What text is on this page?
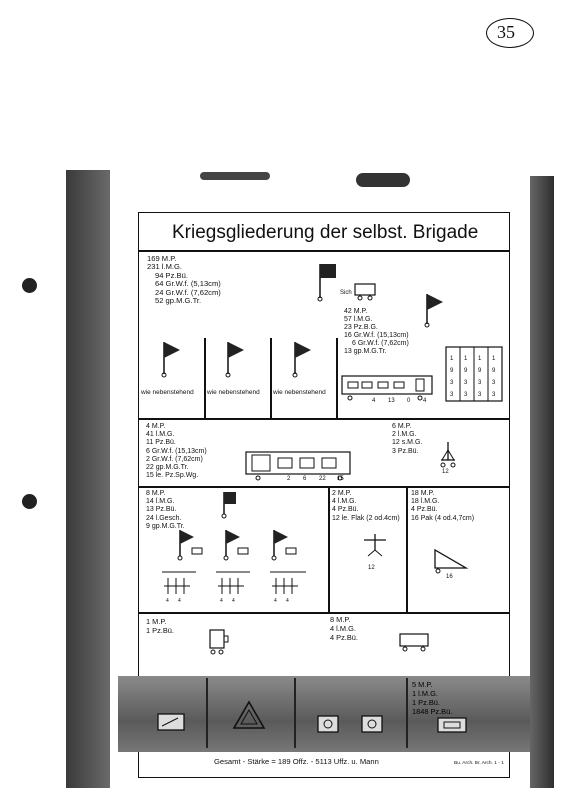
35
Kriegsgliederung der selbst. Brigade
169 M.P.
231 l.M.G.
94 Pz.Bü.
64 Gr.W.f. (5,13cm)
24 Gr.W.f. (7,62cm)
52 gp.M.G.Tr.
Sich
42 M.P.
57 l.M.G.
23 Pz.B.G.
16 Gr.W.f. (15,13cm)
6 Gr.W.f. (7,62cm)
13 gp.M.G.Tr.
wie nebenstehend wie nebenstehend wie nebenstehend
4 13 0 4
1 1 1 1
9 9 9 9
3 3 3 3
3 3 3 3
4 M.P.
41 l.M.G.
11 Pz.Bü.
6 Gr.W.f. (15,13cm)
2 Gr.W.f. (7,62cm)
22 gp.M.G.Tr.
15 le. Pz.Sp.Wg.	2 6 22 15
6 M.P.
2 l.M.G.
12 s.M.G.
3 Pz.Bü.
12
8 M.P.
14 l.M.G.
13 Pz.Bü.
24 l.Gesch.
9 gp.M.G.Tr.
4 4	4 4	4 4
2 M.P.
4 l.M.G.
4 Pz.Bü.
12 le. Flak (2 od.4cm)
12
18 M.P.
18 l.M.G.
4 Pz.Bü.
16 Pak (4 od.4,7cm)
16
1 M.P.
1 Pz.Bü.
8 M.P.
4 l.M.G.
4 Pz.Bü.
5 M.P.
1 l.M.G.
1 Pz.Bü.
1848 Pz.Bü.
Gesamt - Stärke = 189 Offz. - 5113 Uffz. u. Mann	Bu. Arch. Br. Arch. 1 - 1
